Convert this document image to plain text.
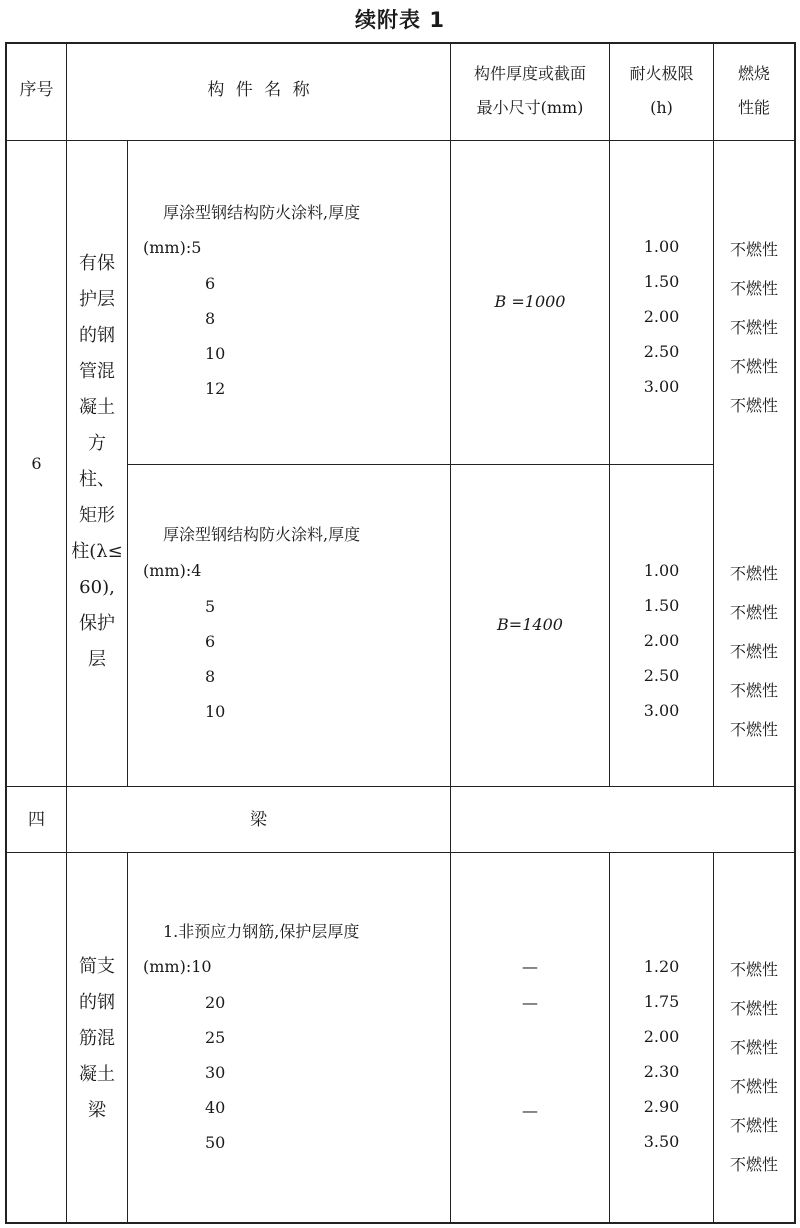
续附表 1
序号	构 件 名 称
构件厚度或截面
最小尺寸(mm)
耐火极限
(h)
燃烧
性能
6
有保护层的钢管混凝土方柱、矩形柱(λ≤60),保护层
厚涂型钢结构防火涂料,厚度
(mm):5
6
8
10
12
B =1000
1.00
1.50
2.00
2.50
3.00
不燃性
不燃性
不燃性
不燃性
不燃性
厚涂型钢结构防火涂料,厚度
(mm):4
5
6
8
10
B=1400
1.00
1.50
2.00
2.50
3.00
不燃性
不燃性
不燃性
不燃性
不燃性
四	梁
简支的钢筋混凝土梁
1.非预应力钢筋,保护层厚度
(mm):10
20
25
30
40
50
—
—
—
1.20
1.75
2.00
2.30
2.90
3.50
不燃性
不燃性
不燃性
不燃性
不燃性
不燃性
